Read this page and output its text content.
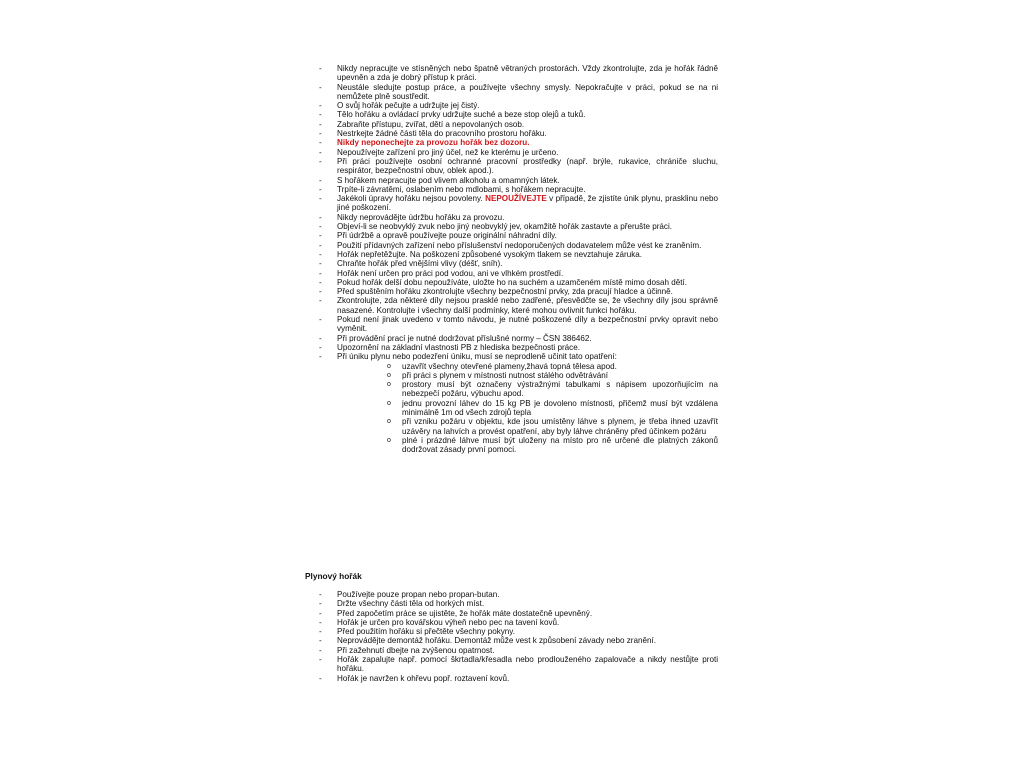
- Nikdy nepracujte ve stísněných nebo špatně větraných prostorách. Vždy zkontrolujte, zda je hořák řádně upevněn a zda je dobrý přístup k práci.
- Neustále sledujte postup práce, a používejte všechny smysly. Nepokračujte v práci, pokud se na ni nemůžete plně soustředit.
- O svůj hořák pečujte a udržujte jej čistý.
- Tělo hořáku a ovládací prvky udržujte suché a beze stop olejů a tuků.
- Zabraňte přístupu, zvířat, dětí a nepovolaných osob.
- Nestrkejte žádné části těla do pracovního prostoru hořáku.
- Nikdy neponechejte za provozu hořák bez dozoru.
- Nepoužívejte zařízení pro jiný účel, než ke kterému je určeno.
- Při práci používejte osobní ochranné pracovní prostředky (např. brýle, rukavice, chrániče sluchu, respirátor, bezpečnostní obuv, oblek apod.).
- S hořákem nepracujte pod vlivem alkoholu a omamných látek.
- Trpíte-li závratěmi, oslabením nebo mdlobami, s hořákem nepracujte.
- Jakékoli úpravy hořáku nejsou povoleny. NEPOUŽÍVEJTE v případě, že zjistíte únik plynu, prasklinu nebo jiné poškození.
- Nikdy neprovádějte údržbu hořáku za provozu.
- Objeví-li se neobvyklý zvuk nebo jiný neobvyklý jev, okamžitě hořák zastavte a přerušte práci.
- Při údržbě a opravě používejte pouze originální náhradní díly.
- Použití přídavných zařízení nebo příslušenství nedoporučených dodavatelem může vést ke zraněním.
- Hořák nepřetěžujte. Na poškození způsobené vysokým tlakem se nevztahuje záruka.
- Chraňte hořák před vnějšími vlivy (déšť, sníh).
- Hořák není určen pro práci pod vodou, ani ve vlhkém prostředí.
- Pokud hořák delší dobu nepoužíváte, uložte ho na suchém a uzamčeném místě mimo dosah dětí.
- Před spuštěním hořáku zkontrolujte všechny bezpečnostní prvky, zda pracují hladce a účinně.
- Zkontrolujte, zda některé díly nejsou prasklé nebo zadřené, přesvědčte se, že všechny díly jsou správně nasazené. Kontrolujte i všechny další podmínky, které mohou ovlivnit funkci hořáku.
- Pokud není jinak uvedeno v tomto návodu, je nutné poškozené díly a bezpečnostní prvky opravit nebo vyměnit.
- Při provádění prací je nutné dodržovat příslušné normy – ČSN 386462.
- Upozornění na základní vlastnosti PB z hlediska bezpečnosti práce.
- Při úniku plynu nebo podezření úniku, musí se neprodleně učinit tato opatření:
o uzavřít všechny otevřené plameny,žhavá topná tělesa apod.
o při práci s plynem v místnosti nutnost stálého odvětrávání
o prostory musí být označeny výstražnými tabulkami s nápisem upozorňujícím na nebezpečí požáru, výbuchu apod.
o jednu provozní láhev do 15 kg PB je dovoleno místnosti, přičemž musí být vzdálena minimálně 1m od všech zdrojů tepla
o při vzniku požáru v objektu, kde jsou umístěny láhve s plynem, je třeba ihned uzavřít uzávěry na lahvích a provést opatření, aby byly láhve chráněny před účinkem požáru
o plné i prázdné láhve musí být uloženy na místo pro ně určené dle platných zákonů dodržovat zásady první pomoci.
Plynový hořák
- Používejte pouze propan nebo propan-butan.
- Držte všechny části těla od horkých míst.
- Před započetím práce se ujistěte, že hořák máte dostatečně upevněný.
- Hořák je určen pro kovářskou výheň nebo pec na tavení kovů.
- Před použitím hořáku si přečtěte všechny pokyny.
- Neprovádějte demontáž hořáku. Demontáž může vest k způsobení závady nebo zranění.
- Při zažehnutí dbejte na zvýšenou opatrnost.
- Hořák zapalujte např. pomocí škrtadla/křesadla nebo prodlouženého zapalovače a nikdy nestůjte proti hořáku.
- Hořák je navržen k ohřevu popř. roztavení kovů.
